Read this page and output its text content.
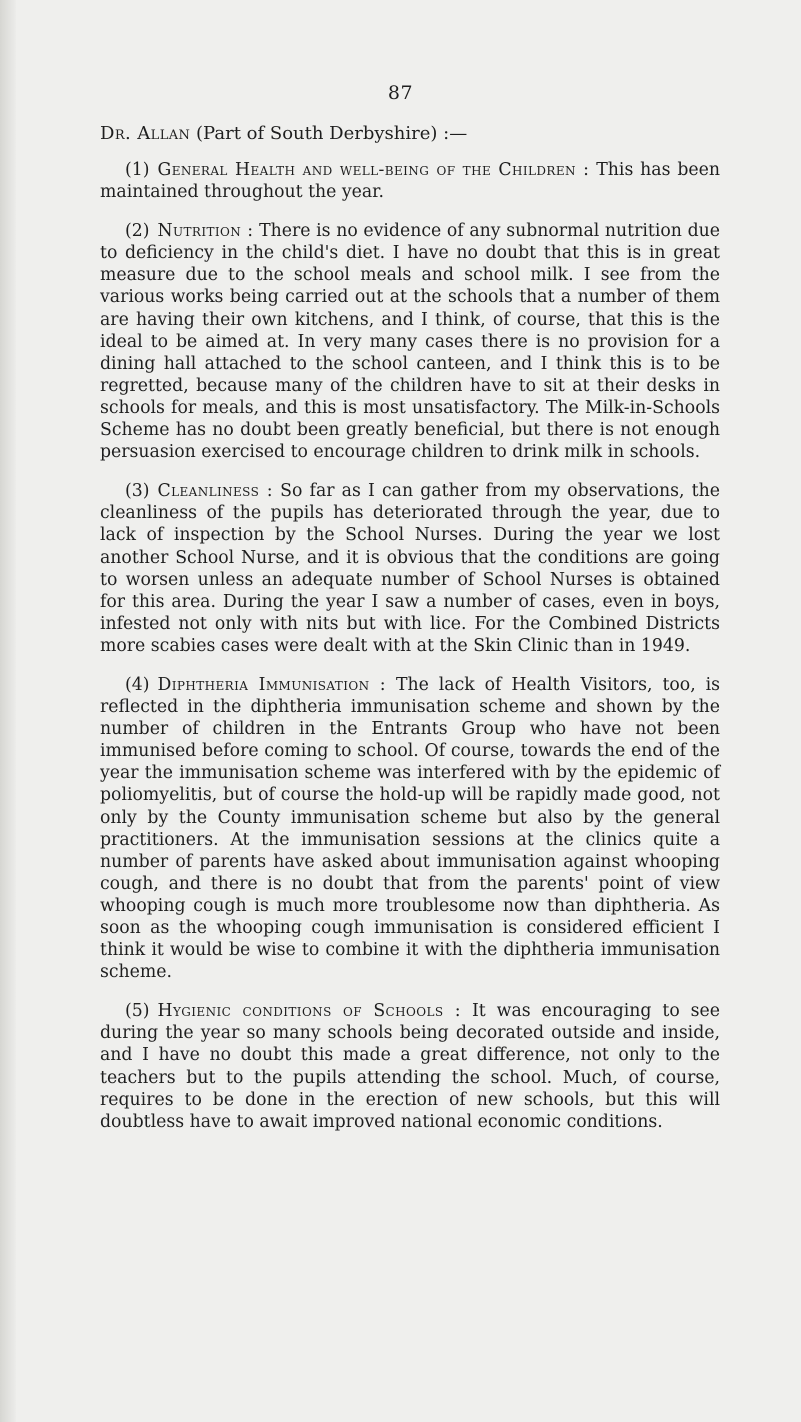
87
Dr. Allan (Part of South Derbyshire) :—

(1) General Health and well-being of the Children : This has been maintained throughout the year.

(2) Nutrition : There is no evidence of any subnormal nutrition due to deficiency in the child's diet. I have no doubt that this is in great measure due to the school meals and school milk. I see from the various works being carried out at the schools that a number of them are having their own kitchens, and I think, of course, that this is the ideal to be aimed at. In very many cases there is no provision for a dining hall attached to the school canteen, and I think this is to be regretted, because many of the children have to sit at their desks in schools for meals, and this is most unsatisfactory. The Milk-in-Schools Scheme has no doubt been greatly beneficial, but there is not enough persuasion exercised to encourage children to drink milk in schools.

(3) Cleanliness : So far as I can gather from my observations, the cleanliness of the pupils has deteriorated through the year, due to lack of inspection by the School Nurses. During the year we lost another School Nurse, and it is obvious that the conditions are going to worsen unless an adequate number of School Nurses is obtained for this area. During the year I saw a number of cases, even in boys, infested not only with nits but with lice. For the Combined Districts more scabies cases were dealt with at the Skin Clinic than in 1949.

(4) Diphtheria Immunisation : The lack of Health Visitors, too, is reflected in the diphtheria immunisation scheme and shown by the number of children in the Entrants Group who have not been immunised before coming to school. Of course, towards the end of the year the immunisation scheme was interfered with by the epidemic of poliomyelitis, but of course the hold-up will be rapidly made good, not only by the County immunisation scheme but also by the general practitioners. At the immunisation sessions at the clinics quite a number of parents have asked about immunisation against whooping cough, and there is no doubt that from the parents' point of view whooping cough is much more troublesome now than diphtheria. As soon as the whooping cough immunisation is considered efficient I think it would be wise to combine it with the diphtheria immunisation scheme.

(5) Hygienic conditions of Schools : It was encouraging to see during the year so many schools being decorated outside and inside, and I have no doubt this made a great difference, not only to the teachers but to the pupils attending the school. Much, of course, requires to be done in the erection of new schools, but this will doubtless have to await improved national economic conditions.
